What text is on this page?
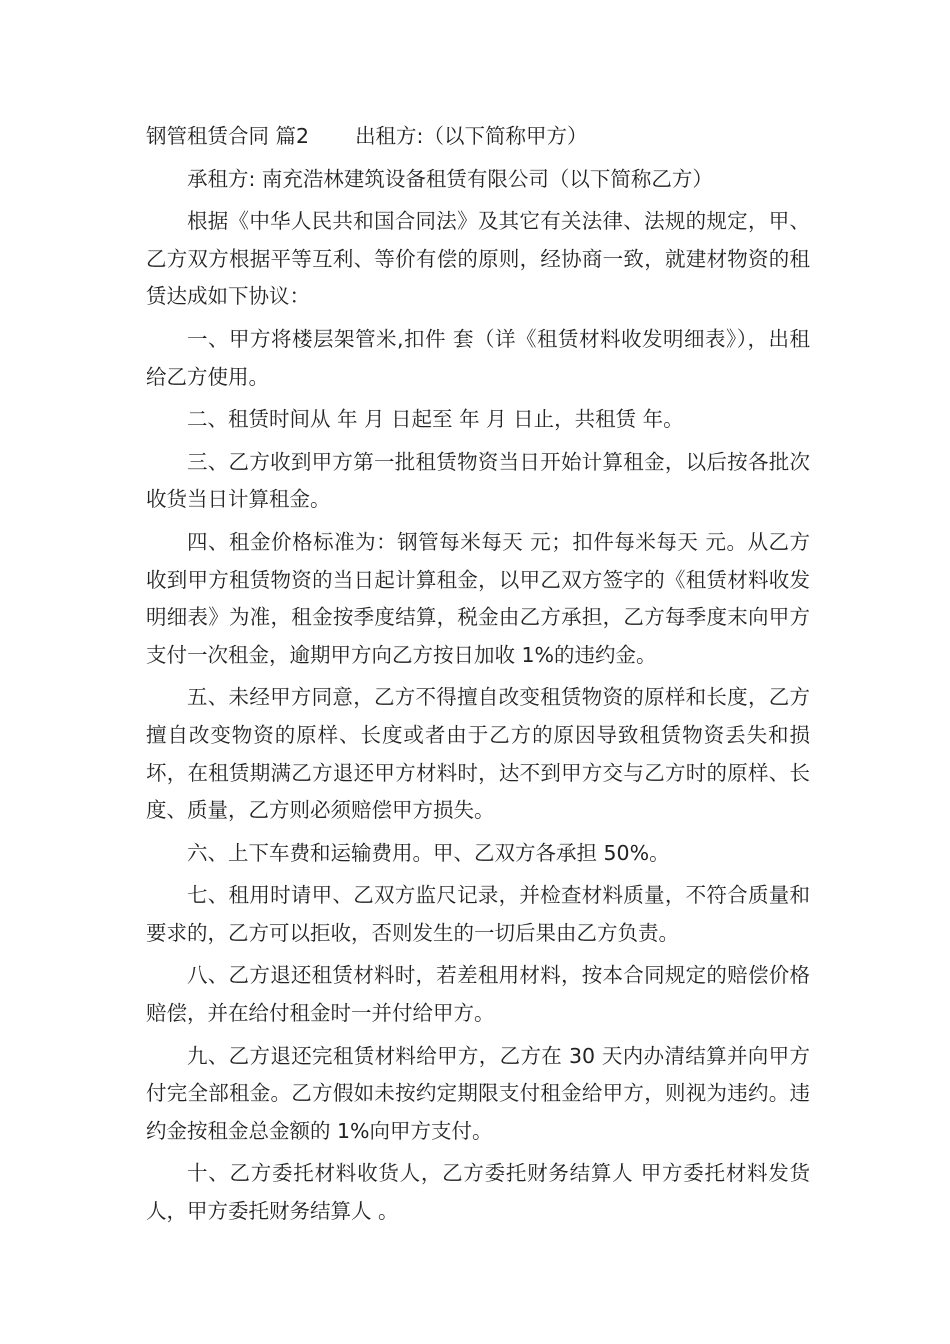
钢管租赁合同 篇2 出租方:（以下简称甲方）

承租方: 南充浩林建筑设备租赁有限公司（以下简称乙方）

根据《中华人民共和国合同法》及其它有关法律、法规的规定，甲、乙方双方根据平等互利、等价有偿的原则，经协商一致，就建材物资的租赁达成如下协议：

一、甲方将楼层架管米,扣件 套（详《租赁材料收发明细表》），出租给乙方使用。

二、租赁时间从 年 月 日起至 年 月 日止，共租赁 年。

三、乙方收到甲方第一批租赁物资当日开始计算租金，以后按各批次收货当日计算租金。

四、租金价格标准为：钢管每米每天 元；扣件每米每天 元。从乙方收到甲方租赁物资的当日起计算租金，以甲乙双方签字的《租赁材料收发明细表》为准，租金按季度结算，税金由乙方承担，乙方每季度末向甲方支付一次租金，逾期甲方向乙方按日加收 1%的违约金。

五、未经甲方同意，乙方不得擅自改变租赁物资的原样和长度，乙方擅自改变物资的原样、长度或者由于乙方的原因导致租赁物资丢失和损坏，在租赁期满乙方退还甲方材料时，达不到甲方交与乙方时的原样、长度、质量，乙方则必须赔偿甲方损失。

六、上下车费和运输费用。甲、乙双方各承担 50%。

七、租用时请甲、乙双方监尺记录，并检查材料质量，不符合质量和要求的，乙方可以拒收，否则发生的一切后果由乙方负责。

八、乙方退还租赁材料时，若差租用材料，按本合同规定的赔偿价格赔偿，并在给付租金时一并付给甲方。

九、乙方退还完租赁材料给甲方，乙方在 30 天内办清结算并向甲方付完全部租金。乙方假如未按约定期限支付租金给甲方，则视为违约。违约金按租金总金额的 1%向甲方支付。

十、乙方委托材料收货人，乙方委托财务结算人 甲方委托材料发货人，甲方委托财务结算人 。
